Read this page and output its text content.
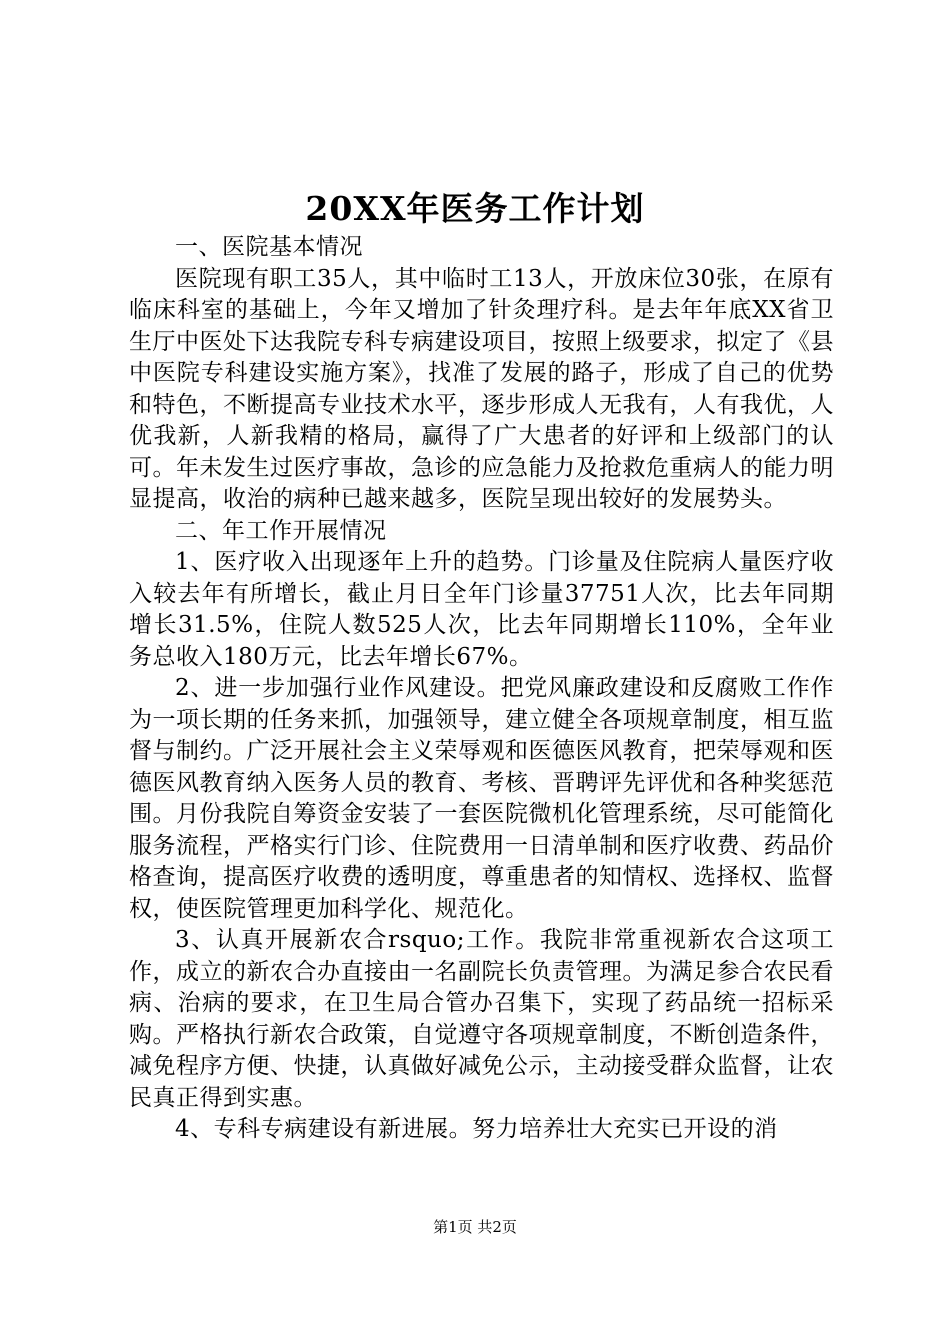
20XX年医务工作计划

一、医院基本情况

医院现有职工35人，其中临时工13人，开放床位30张，在原有临床科室的基础上，今年又增加了针灸理疗科。是去年年底XX省卫生厅中医处下达我院专科专病建设项目，按照上级要求，拟定了《县中医院专科建设实施方案》，找准了发展的路子，形成了自己的优势和特色，不断提高专业技术水平，逐步形成人无我有，人有我优，人优我新，人新我精的格局，赢得了广大患者的好评和上级部门的认可。年未发生过医疗事故，急诊的应急能力及抢救危重病人的能力明显提高，收治的病种已越来越多，医院呈现出较好的发展势头。

二、年工作开展情况

1、医疗收入出现逐年上升的趋势。门诊量及住院病人量医疗收入较去年有所增长，截止月日全年门诊量37751人次，比去年同期增长31.5%，住院人数525人次，比去年同期增长110%，全年业务总收入180万元，比去年增长67%。

2、进一步加强行业作风建设。把党风廉政建设和反腐败工作作为一项长期的任务来抓，加强领导，建立健全各项规章制度，相互监督与制约。广泛开展社会主义荣辱观和医德医风教育，把荣辱观和医德医风教育纳入医务人员的教育、考核、晋聘评先评优和各种奖惩范围。月份我院自筹资金安装了一套医院微机化管理系统，尽可能简化服务流程，严格实行门诊、住院费用一日清单制和医疗收费、药品价格查询，提高医疗收费的透明度，尊重患者的知情权、选择权、监督权，使医院管理更加科学化、规范化。

3、认真开展新农合rsquo;工作。我院非常重视新农合这项工作，成立的新农合办直接由一名副院长负责管理。为满足参合农民看病、治病的要求，在卫生局合管办召集下，实现了药品统一招标采购。严格执行新农合政策，自觉遵守各项规章制度，不断创造条件，减免程序方便、快捷，认真做好减免公示，主动接受群众监督，让农民真正得到实惠。

4、专科专病建设有新进展。努力培养壮大充实已开设的消

第1页 共2页
